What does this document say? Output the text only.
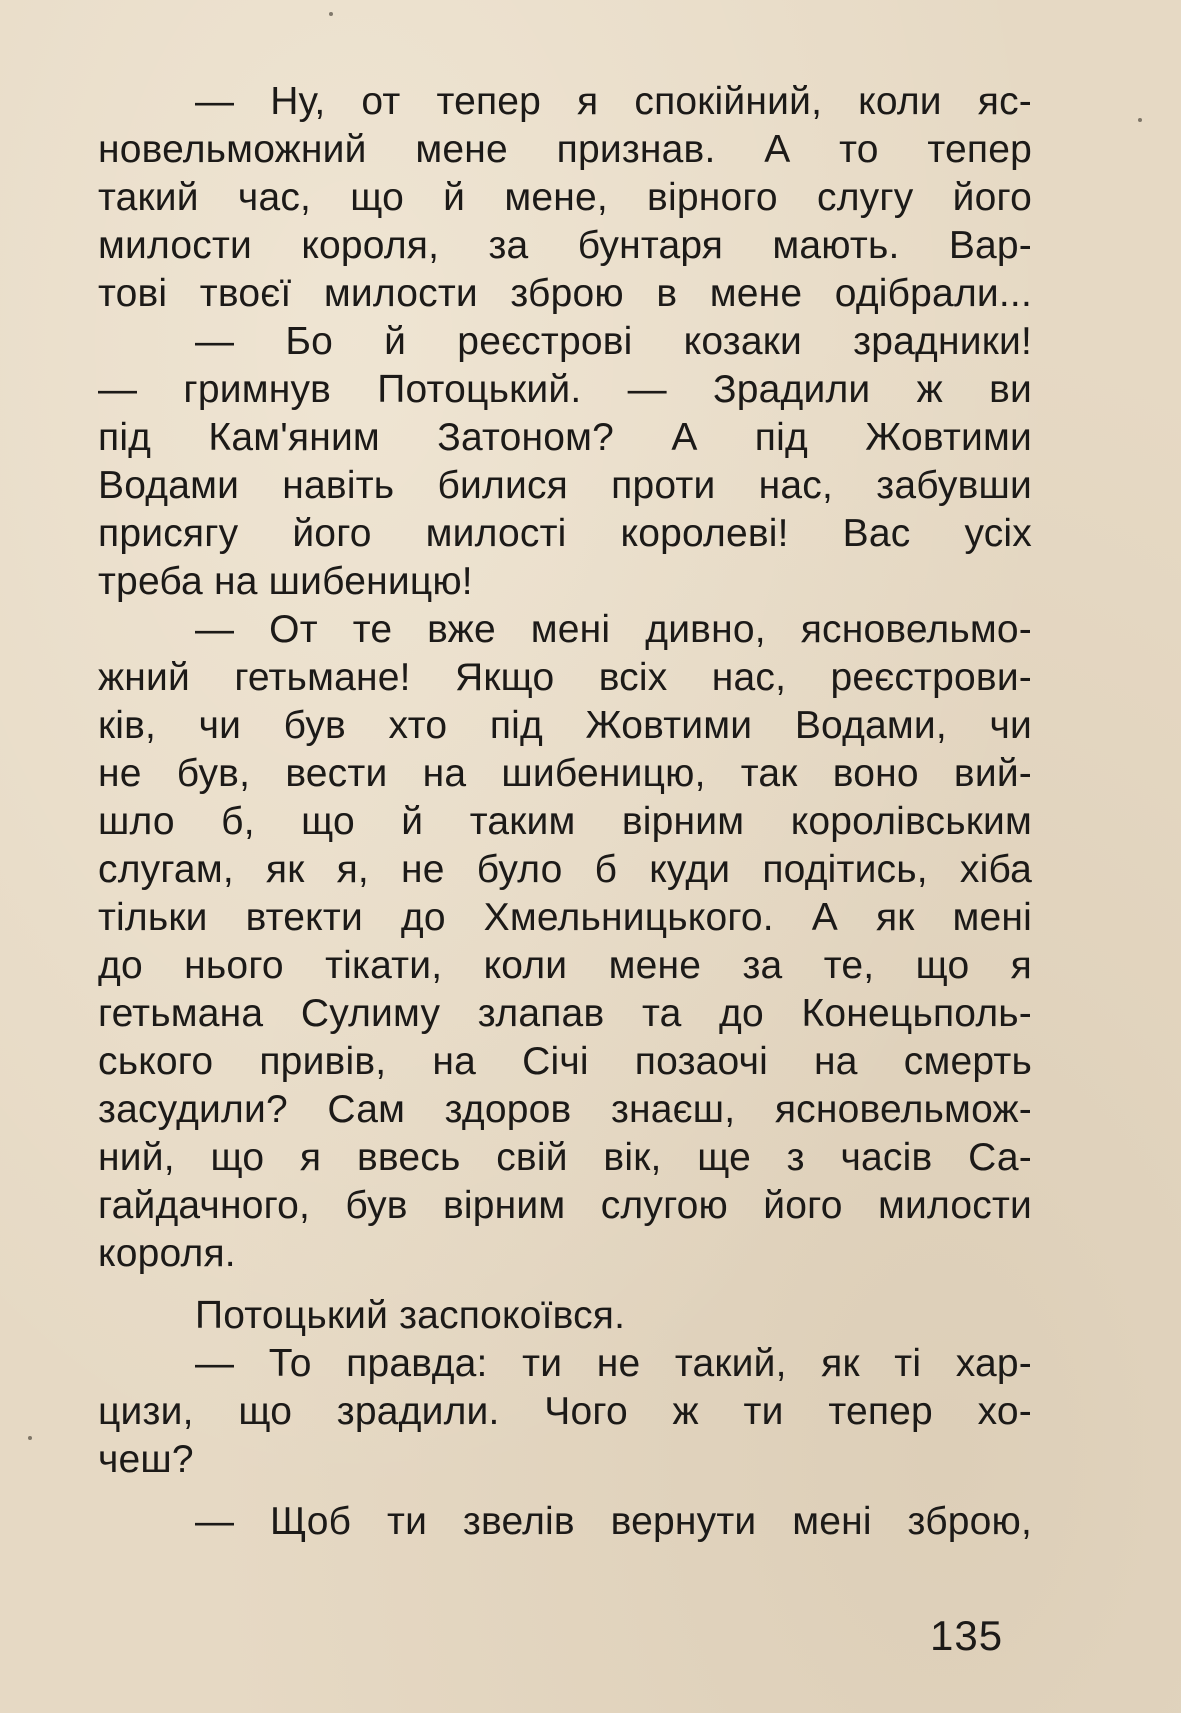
— Ну, от тепер я спокійний, коли яс-
новельможний мене признав. А то тепер
такий час, що й мене, вірного слугу його
милости короля, за бунтаря мають. Вар-
тові твоєї милости зброю в мене одібрали...
— Бо й реєстрові козаки зрадники!
— гримнув Потоцький. — Зрадили ж ви
під Кам'яним Затоном? А під Жовтими
Водами навіть билися проти нас, забувши
присягу його милості королеві! Вас усіх
треба на шибеницю!
— От те вже мені дивно, ясновельмо-
жний гетьмане! Якщо всіх нас, реєстрови-
ків, чи був хто під Жовтими Водами, чи
не був, вести на шибеницю, так воно вий-
шло б, що й таким вірним королівським
слугам, як я, не було б куди подітись, хіба
тільки втекти до Хмельницького. А як мені
до нього тікати, коли мене за те, що я
гетьмана Сулиму злапав та до Конецьполь-
ського привів, на Січі позаочі на смерть
засудили? Сам здоров знаєш, ясновельмож-
ний, що я ввесь свій вік, ще з часів Са-
гайдачного, був вірним слугою його милости
короля.
Потоцький заспокоївся.
— То правда: ти не такий, як ті хар-
цизи, що зрадили. Чого ж ти тепер хо-
чеш?
— Щоб ти звелів вернути мені зброю,
135
